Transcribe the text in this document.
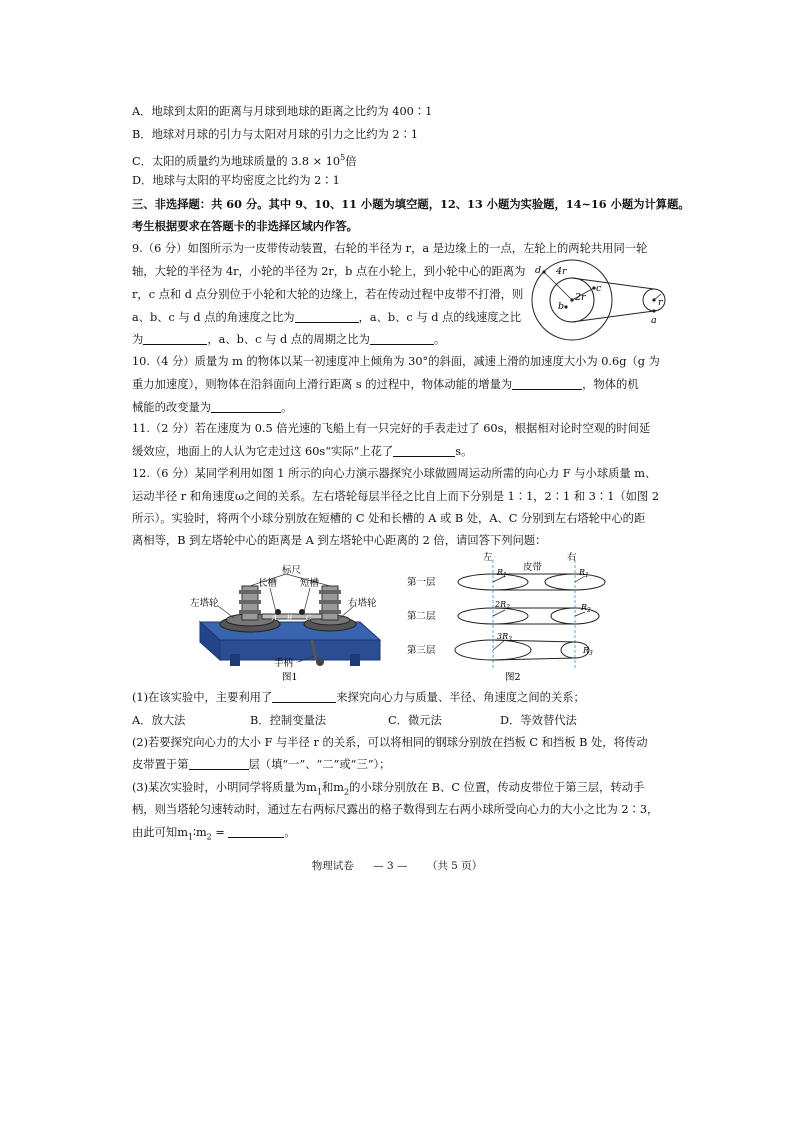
A．地球到太阳的距离与月球到地球的距离之比约为 400∶1
B．地球对月球的引力与太阳对月球的引力之比约为 2∶1
C．太阳的质量约为地球质量的 $3.8 \times 10^5$倍
D．地球与太阳的平均密度之比约为 2∶1
三、非选择题：共 60 分。其中 9、10、11 小题为填空题，12、13 小题为实验题，14~16 小题为计算题。
考生根据要求在答题卡的非选择区域内作答。
9.（6 分）如图所示为一皮带传动装置，右轮的半径为 r，a 是边缘上的一点，左轮上的两轮共用同一轮
轴，大轮的半径为 4r，小轮的半径为 2r，b 点在小轮上，到小轮中心的距离为
r，c 点和 d 点分别位于小轮和大轮的边缘上，若在传动过程中皮带不打滑，则
a、b、c 与 d 点的角速度之比为	，a、b、c 与 d 点的线速度之比
为	，a、b、c 与 d 点的周期之比为	。
d 4r
2r
c
b	r
a
10.（4 分）质量为 m 的物体以某一初速度冲上倾角为 30°的斜面，减速上滑的加速度大小为 0.6g（g 为
重力加速度），则物体在沿斜面向上滑行距离 s 的过程中，物体动能的增量为	，物体的机
械能的改变量为	。
11.（2 分）若在速度为 0.5 倍光速的飞船上有一只完好的手表走过了 60s，根据相对论时空观的时间延
缓效应，地面上的人认为它走过这 60s“实际”上花了	s。
12.（6 分）某同学利用如图 1 所示的向心力演示器探究小球做圆周运动所需的向心力 F 与小球质量 m、
运动半径 r 和角速度ω之间的关系。左右塔轮每层半径之比自上而下分别是 1∶1，2∶1 和 3∶1（如图 2
所示）。实验时，将两个小球分别放在短槽的 C 处和长槽的 A 或 B 处，A、C 分别到左右塔轮中心的距
离相等，B 到左塔轮中心的距离是 A 到左塔轮中心距离的 2 倍，请回答下列问题：
标尺
长槽 短槽
左塔轮	右塔轮
手柄
A B C
图1
左	右
皮带
第一层
第二层
第三层
$R_1$	$R_1$
$2R_2$	$R_2$
$3R_3$
$R_3$
图2
(1)在该实验中，主要利用了	来探究向心力与质量、半径、角速度之间的关系；
A．放大法	B．控制变量法	C．微元法	D．等效替代法
(2)若要探究向心力的大小 F 与半径 r 的关系，可以将相同的钢球分别放在挡板 C 和挡板 B 处，将传动
皮带置于第	层（填“一”、“二”或“三”）；
(3)某次实验时，小明同学将质量为$m_1$和$m_2$的小球分别放在 B、C 位置，传动皮带位于第三层，转动手
柄，则当塔轮匀速转动时，通过左右两标尺露出的格子数得到左右两小球所受向心力的大小之比为 2∶3，
由此可知$m_1∶m_2$ =	。
物理试卷 — 3 — （共 5 页）
